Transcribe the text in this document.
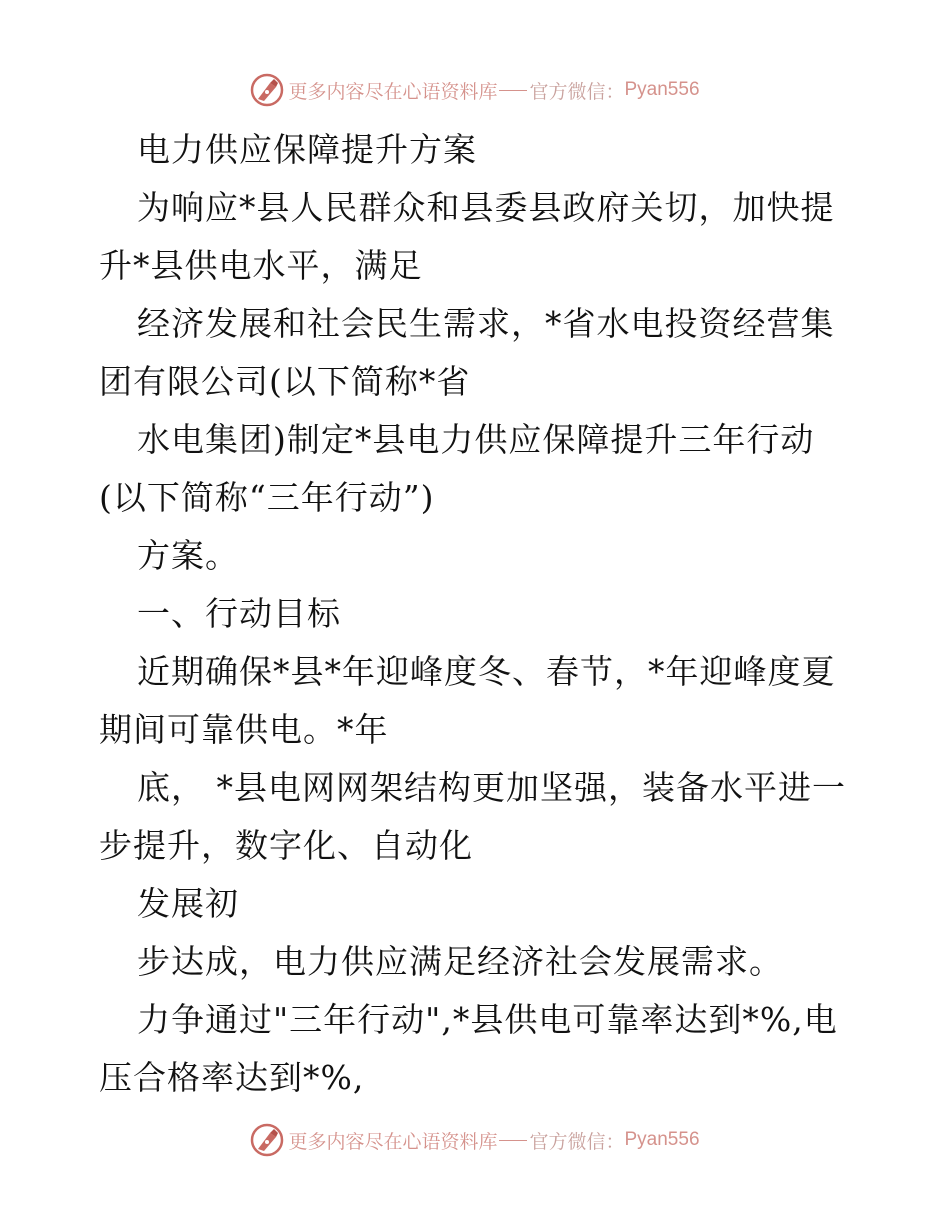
更多内容尽在心语资料库 官方微信： Pyan556
电力供应保障提升方案
为响应*县人民群众和县委县政府关切，加快提
升*县供电水平，满足
经济发展和社会民生需求，*省水电投资经营集
团有限公司(以下简称*省
水电集团)制定*县电力供应保障提升三年行动
(以下简称“三年行动”)
方案。
一、行动目标
近期确保*县*年迎峰度冬、春节，*年迎峰度夏
期间可靠供电。*年
底， *县电网网架结构更加坚强，装备水平进一
步提升，数字化、自动化
发展初
步达成，电力供应满足经济社会发展需求。
力争通过"三年行动",*县供电可靠率达到*%,电
压合格率达到*%,
更多内容尽在心语资料库 官方微信： Pyan556
